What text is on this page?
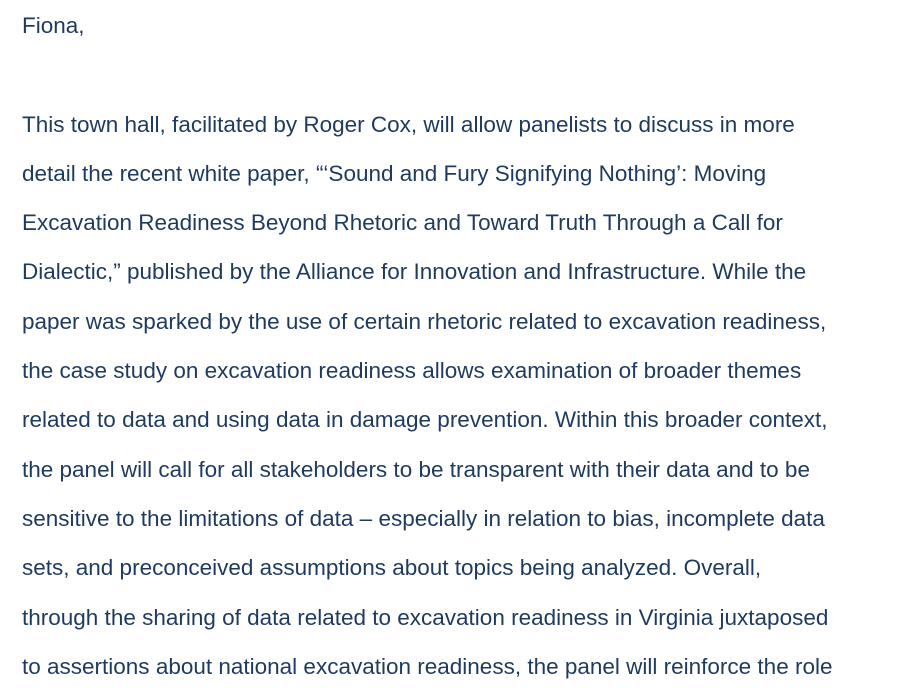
Fiona,
This town hall, facilitated by Roger Cox, will allow panelists to discuss in more
detail the recent white paper, “‘Sound and Fury Signifying Nothing’: Moving
Excavation Readiness Beyond Rhetoric and Toward Truth Through a Call for
Dialectic,” published by the Alliance for Innovation and Infrastructure. While the
paper was sparked by the use of certain rhetoric related to excavation readiness,
the case study on excavation readiness allows examination of broader themes
related to data and using data in damage prevention. Within this broader context,
the panel will call for all stakeholders to be transparent with their data and to be
sensitive to the limitations of data – especially in relation to bias, incomplete data
sets, and preconceived assumptions about topics being analyzed. Overall,
through the sharing of data related to excavation readiness in Virginia juxtaposed
to assertions about national excavation readiness, the panel will reinforce the role
